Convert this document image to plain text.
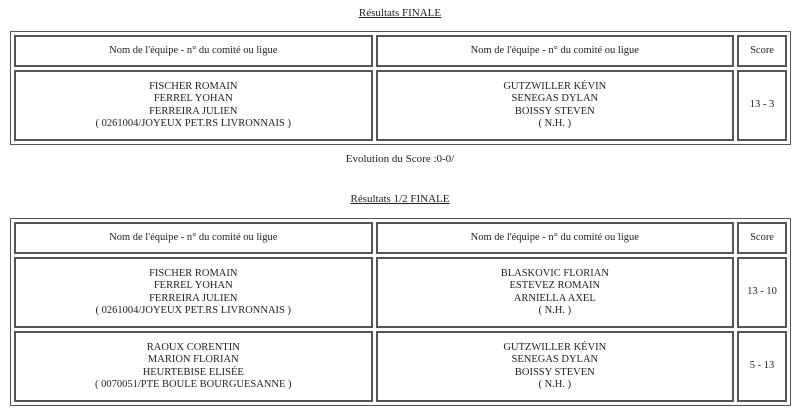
Résultats FINALE
Nom de l'équipe - n° du comité ou ligue	Nom de l'équipe - n° du comité ou ligue	Score

FISCHER ROMAIN
FERREL YOHAN
FERREIRA JULIEN
( 0261004/JOYEUX PET.RS LIVRONNAIS )	GUTZWILLER KÉVIN
SENEGAS DYLAN
BOISSY STEVEN
( N.H. )	13 - 3
Evolution du Score :0-0/
Résultats 1/2 FINALE
Nom de l'équipe - n° du comité ou ligue	Nom de l'équipe - n° du comité ou ligue	Score

FISCHER ROMAIN
FERREL YOHAN
FERREIRA JULIEN
( 0261004/JOYEUX PET.RS LIVRONNAIS )	BLASKOVIC FLORIAN
ESTEVEZ ROMAIN
ARNIELLA AXEL
( N.H. )	13 - 10

RAOUX CORENTIN
MARION FLORIAN
HEURTEBISE ELISÉE
( 0070051/PTE BOULE BOURGUESANNE )	GUTZWILLER KÉVIN
SENEGAS DYLAN
BOISSY STEVEN
( N.H. )	5 - 13
